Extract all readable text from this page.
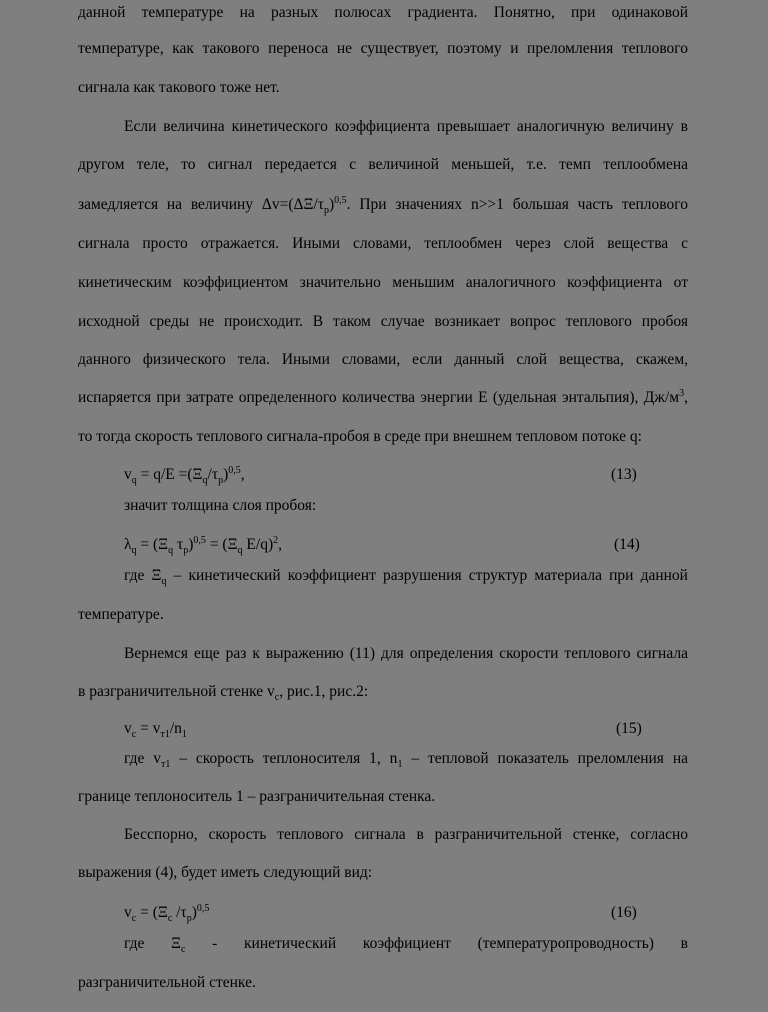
данной температуре на разных полюсах градиента. Понятно, при одинаковой
температуре, как такового переноса не существует, поэтому и преломления теплового
сигнала как такового тоже нет.
Если величина кинетического коэффициента превышает аналогичную величину в
другом теле, то сигнал передается с величиной меньшей, т.е. темп теплообмена
замедляется на величину $\Delta v=(\Delta\Xi/\tau_p)^{0,5}$. При значениях n>>1 большая часть теплового
сигнала просто отражается. Иными словами, теплообмен через слой вещества с
кинетическим коэффициентом значительно меньшим аналогичного коэффициента от
исходной среды не происходит. В таком случае возникает вопрос теплового пробоя
данного физического тела. Иными словами, если данный слой вещества, скажем,
испаряется при затрате определенного количества энергии Е (удельная энтальпия), $Дж/м^3$,
то тогда скорость теплового сигнала-пробоя в среде при внешнем тепловом потоке q:
$v_q = q/E =(\Xi_q/\tau_p)^{0,5}$,	(13)
значит толщина слоя пробоя:
$\lambda_q = (\Xi_q$ $\tau_p)^{0,5} = (\Xi_q$ E/q)$^2$,	(14)
где $\Xi_q$ – кинетический коэффициент разрушения структур материала при данной
температуре.
Вернемся еще раз к выражению (11) для определения скорости теплового сигнала
в разграничительной стенке $v_c$, рис.1, рис.2:
$v_c = v_{т1}/n_1$	(15)
где $v_{т1}$ – скорость теплоносителя 1, $n_1$ – тепловой показатель преломления на
границе теплоноситель 1 – разграничительная стенка.
Бесспорно, скорость теплового сигнала в разграничительной стенке, согласно
выражения (4), будет иметь следующий вид:
$v_c = (\Xi_c$ $/\tau_p)^{0,5}$	(16)
где $\Xi_c$ - кинетический коэффициент (температуропроводность) в
разграничительной стенке.
